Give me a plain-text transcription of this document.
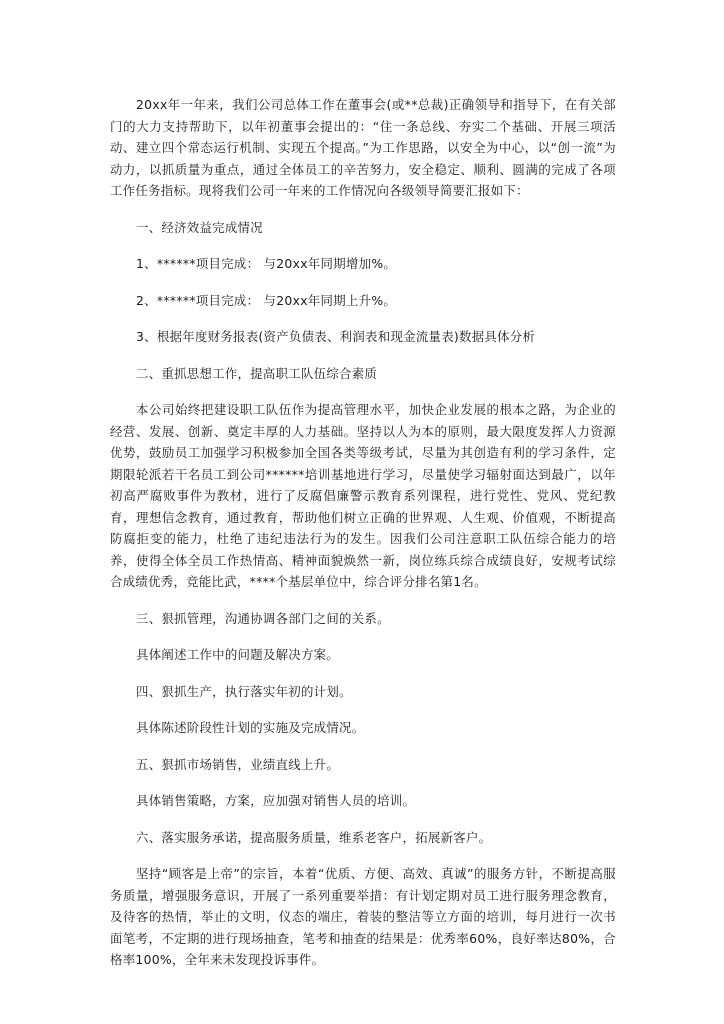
20xx年一年来，我们公司总体工作在董事会(或**总裁)正确领导和指导下，在有关部门的大力支持帮助下，以年初董事会提出的：“住一条总线、夯实二个基础、开展三项活动、建立四个常态运行机制、实现五个提高。”为工作思路，以安全为中心，以“创一流”为动力，以抓质量为重点，通过全体员工的辛苦努力，安全稳定、顺利、圆满的完成了各项工作任务指标。现将我们公司一年来的工作情况向各级领导简要汇报如下：

一、经济效益完成情况

1、******项目完成： 与20xx年同期增加%。

2、******项目完成： 与20xx年同期上升%。

3、根据年度财务报表(资产负债表、利润表和现金流量表)数据具体分析

二、重抓思想工作，提高职工队伍综合素质

本公司始终把建设职工队伍作为提高管理水平，加快企业发展的根本之路，为企业的经营、发展、创新、奠定丰厚的人力基础。坚持以人为本的原则，最大限度发挥人力资源优势，鼓励员工加强学习积极参加全国各类等级考试，尽量为其创造有利的学习条件，定期限轮派若干名员工到公司******培训基地进行学习，尽量使学习辐射面达到最广，以年初高严腐败事件为教材，进行了反腐倡廉警示教育系列课程，进行党性、党风、党纪教育，理想信念教育，通过教育，帮助他们树立正确的世界观、人生观、价值观，不断提高防腐拒变的能力，杜绝了违纪违法行为的发生。因我们公司注意职工队伍综合能力的培养，使得全体全员工作热情高、精神面貌焕然一新，岗位练兵综合成绩良好，安规考试综合成绩优秀，竞能比武，****个基层单位中，综合评分排名第1名。

三、狠抓管理，沟通协调各部门之间的关系。

具体阐述工作中的问题及解决方案。

四、狠抓生产，执行落实年初的计划。

具体陈述阶段性计划的实施及完成情况。

五、狠抓市场销售，业绩直线上升。

具体销售策略，方案，应加强对销售人员的培训。

六、落实服务承诺，提高服务质量，维系老客户，拓展新客户。

坚持“顾客是上帝”的宗旨，本着“优质、方便、高效、真诚”的服务方针，不断提高服务质量，增强服务意识，开展了一系列重要举措：有计划定期对员工进行服务理念教育，及待客的热情，举止的文明，仪态的端庄，着装的整洁等立方面的培训，每月进行一次书面笔考，不定期的进行现场抽查，笔考和抽查的结果是：优秀率60%，良好率达80%，合格率100%，全年来未发现投诉事件。
